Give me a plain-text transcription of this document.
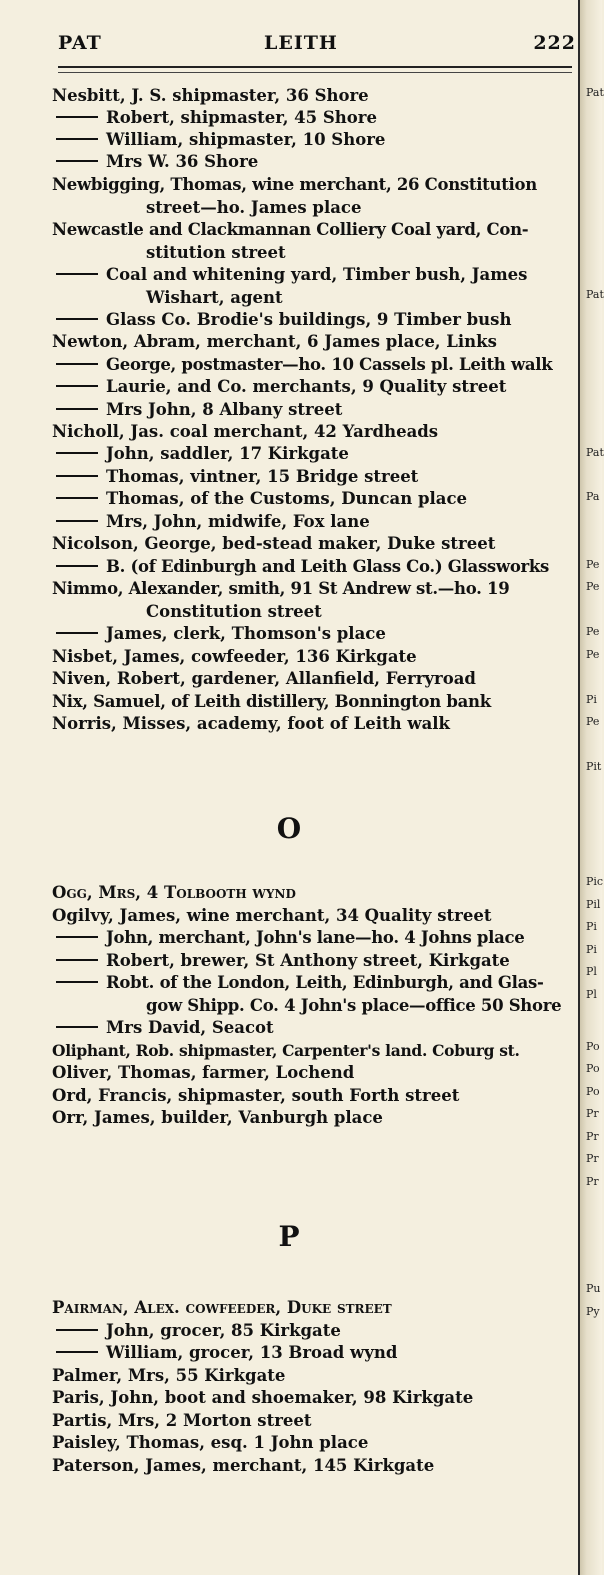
PAT	LEITH	222
Nesbitt, J. S. shipmaster, 36 Shore
Robert, shipmaster, 45 Shore
William, shipmaster, 10 Shore
Mrs W. 36 Shore
Newbigging, Thomas, wine merchant, 26 Constitution
street—ho. James place
Newcastle and Clackmannan Colliery Coal yard, Con-
stitution street
Coal and whitening yard, Timber bush, James
Wishart, agent
Glass Co. Brodie's buildings, 9 Timber bush
Newton, Abram, merchant, 6 James place, Links
George, postmaster—ho. 10 Cassels pl. Leith walk
Laurie, and Co. merchants, 9 Quality street
Mrs John, 8 Albany street
Nicholl, Jas. coal merchant, 42 Yardheads
John, saddler, 17 Kirkgate
Thomas, vintner, 15 Bridge street
Thomas, of the Customs, Duncan place
Mrs, John, midwife, Fox lane
Nicolson, George, bed-stead maker, Duke street
B. (of Edinburgh and Leith Glass Co.) Glassworks
Nimmo, Alexander, smith, 91 St Andrew st.—ho. 19
Constitution street
James, clerk, Thomson's place
Nisbet, James, cowfeeder, 136 Kirkgate
Niven, Robert, gardener, Allanfield, Ferryroad
Nix, Samuel, of Leith distillery, Bonnington bank
Norris, Misses, academy, foot of Leith walk
O
Ogg, Mrs, 4 Tolbooth wynd
Ogilvy, James, wine merchant, 34 Quality street
John, merchant, John's lane—ho. 4 Johns place
Robert, brewer, St Anthony street, Kirkgate
Robt. of the London, Leith, Edinburgh, and Glas-
gow Shipp. Co. 4 John's place—office 50 Shore
Mrs David, Seacot
Oliphant, Rob. shipmaster, Carpenter's land. Coburg st.
Oliver, Thomas, farmer, Lochend
Ord, Francis, shipmaster, south Forth street
Orr, James, builder, Vanburgh place
P
Pairman, Alex. cowfeeder, Duke street
John, grocer, 85 Kirkgate
William, grocer, 13 Broad wynd
Palmer, Mrs, 55 Kirkgate
Paris, John, boot and shoemaker, 98 Kirkgate
Partis, Mrs, 2 Morton street
Paisley, Thomas, esq. 1 John place
Paterson, James, merchant, 145 Kirkgate
Pat
Pat
Pat
Pa
Pe
Pe
Pe
Pe
Pi
Pe
Pit
Pic
Pil
Pi
Pi
Pl
Pl
Po
Po
Po
Pr
Pr
Pr
Pr
Pu
Py
